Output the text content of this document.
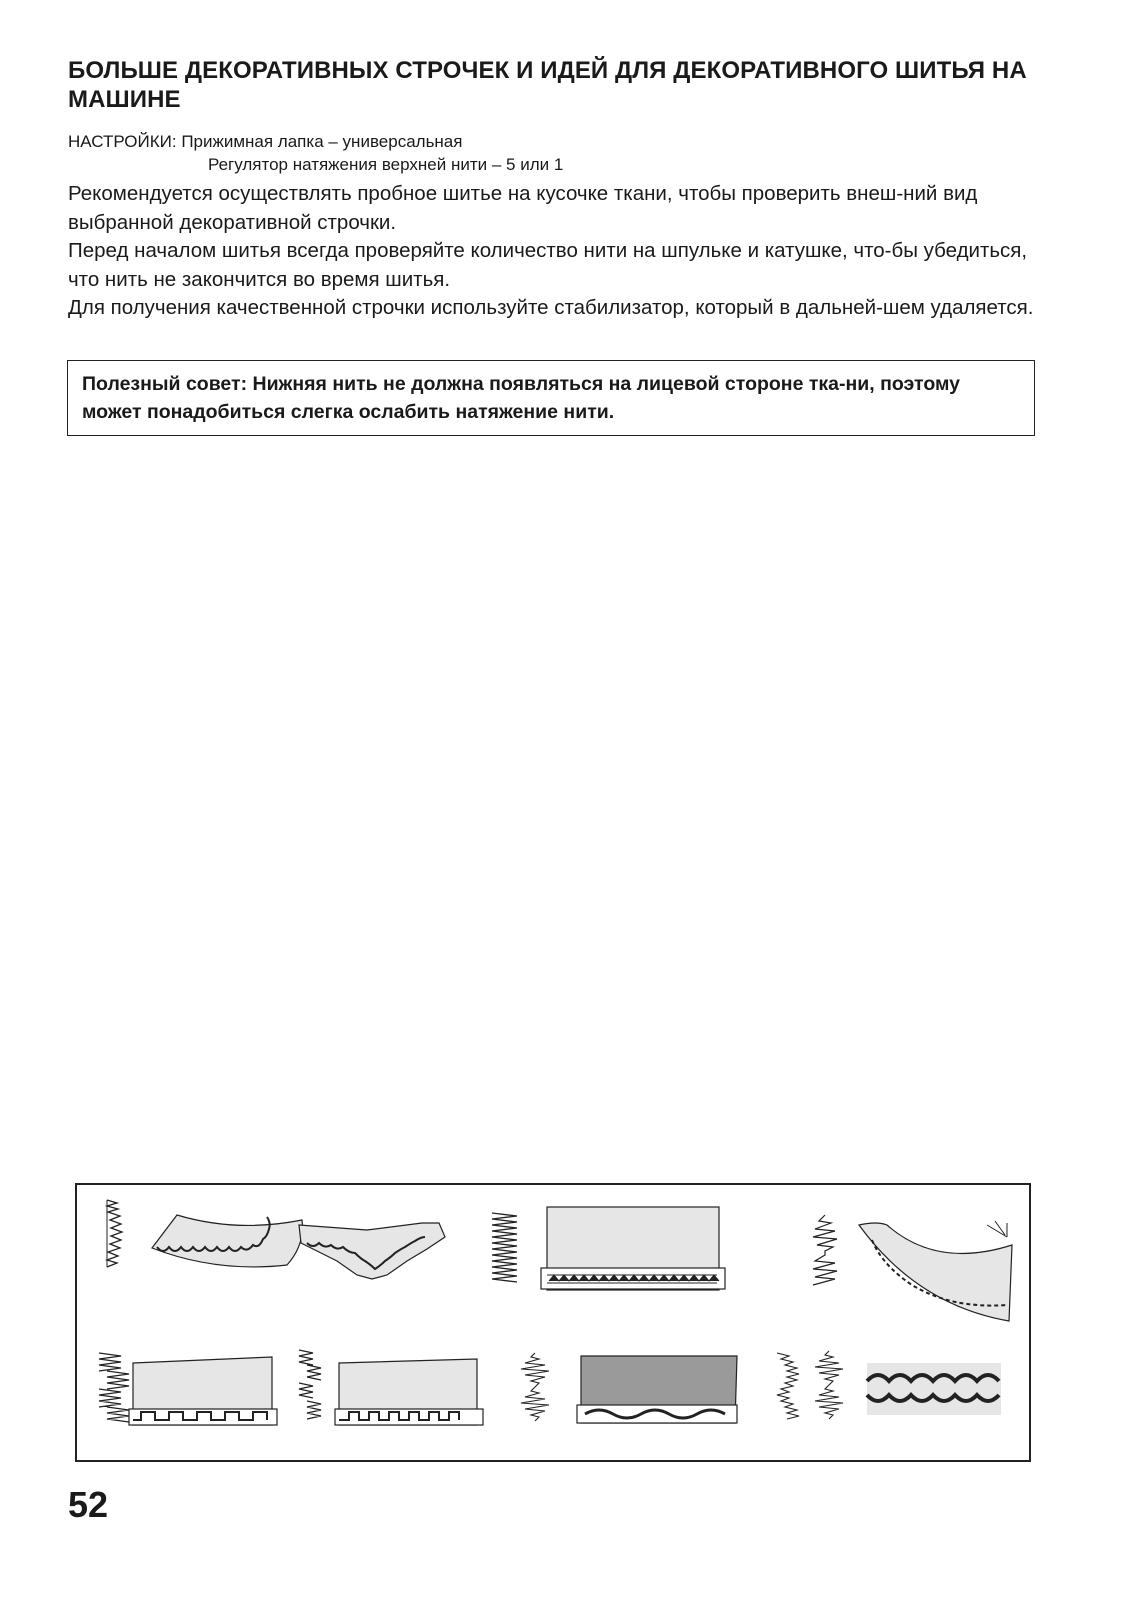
БОЛЬШЕ ДЕКОРАТИВНЫХ СТРОЧЕК И ИДЕЙ ДЛЯ ДЕКОРАТИВНОГО ШИТЬЯ НА МАШИНЕ
НАСТРОЙКИ: Прижимная лапка – универсальная
Регулятор натяжения верхней нити – 5 или 1
Рекомендуется осуществлять пробное шитье на кусочке ткани, чтобы проверить внеш-ний вид выбранной декоративной строчки.
Перед началом шитья всегда проверяйте количество нити на шпульке и катушке, что-бы убедиться, что нить не закончится во время шитья.
Для получения качественной строчки используйте стабилизатор, который в дальней-шем удаляется.
Полезный совет: Нижняя нить не должна появляться на лицевой стороне тка-ни, поэтому может понадобиться слегка ослабить натяжение нити.
52
